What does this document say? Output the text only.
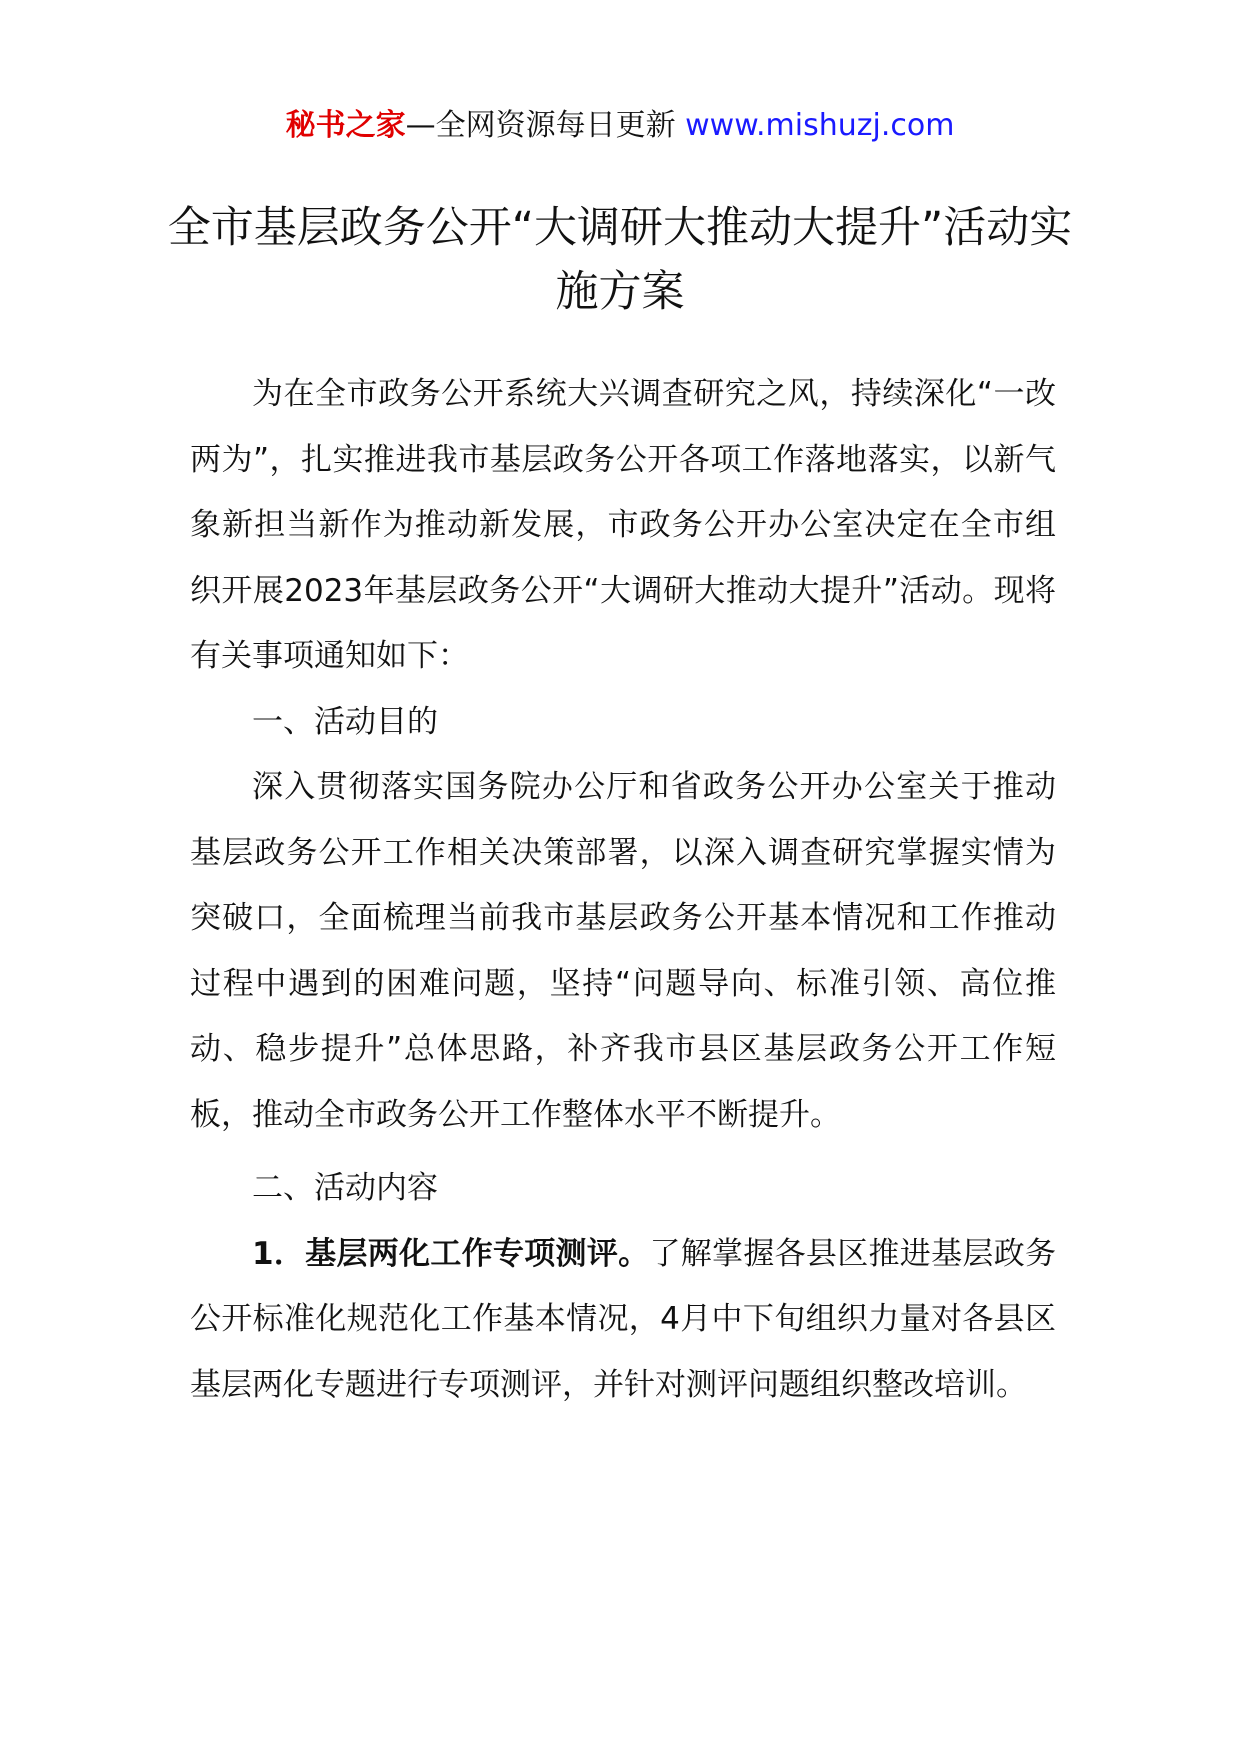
秘书之家—全网资源每日更新 www.mishuzj.com
全市基层政务公开“大调研大推动大提升”活动实施方案

为在全市政务公开系统大兴调查研究之风，持续深化“一改两为”，扎实推进我市基层政务公开各项工作落地落实，以新气象新担当新作为推动新发展，市政务公开办公室决定在全市组织开展2023年基层政务公开“大调研大推动大提升”活动。现将有关事项通知如下：

一、活动目的

深入贯彻落实国务院办公厅和省政务公开办公室关于推动基层政务公开工作相关决策部署，以深入调查研究掌握实情为突破口，全面梳理当前我市基层政务公开基本情况和工作推动过程中遇到的困难问题，坚持“问题导向、标准引领、高位推动、稳步提升”总体思路，补齐我市县区基层政务公开工作短板，推动全市政务公开工作整体水平不断提升。

二、活动内容

1．基层两化工作专项测评。了解掌握各县区推进基层政务公开标准化规范化工作基本情况，4月中下旬组织力量对各县区基层两化专题进行专项测评，并针对测评问题组织整改培训。
